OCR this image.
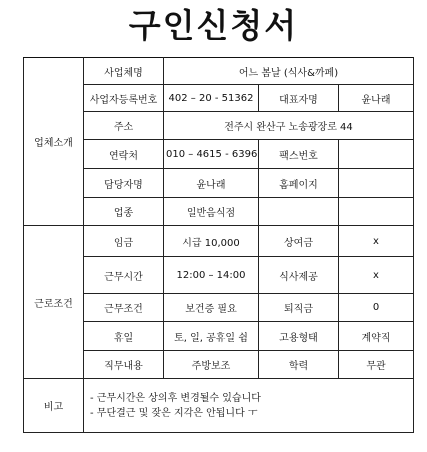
구인신청서
업체소개	사업체명	어느 봄날 (식사&까페)		
	사업자등록번호	402 – 20 - 51362	대표자명	윤나래
	주소	전주시 완산구 노송광장로 44		
	연락처	010 – 4615 - 6396	팩스번호	
	담당자명	윤나래	홈페이지	
	업종	일반음식점		
근로조건	임금	시급 10,000	상여금	x
	근무시간	12:00 – 14:00	식사제공	x
	근무조건	보건증 필요	퇴직금	0
	휴일	토, 일, 공휴일 쉼	고용형태	계약직
	직무내용	주방보조	학력	무관
비고	- 근무시간은 상의후 변경될수 있습니다
- 무단결근 및 잦은 지각은 안됩니다 ㅜ			
